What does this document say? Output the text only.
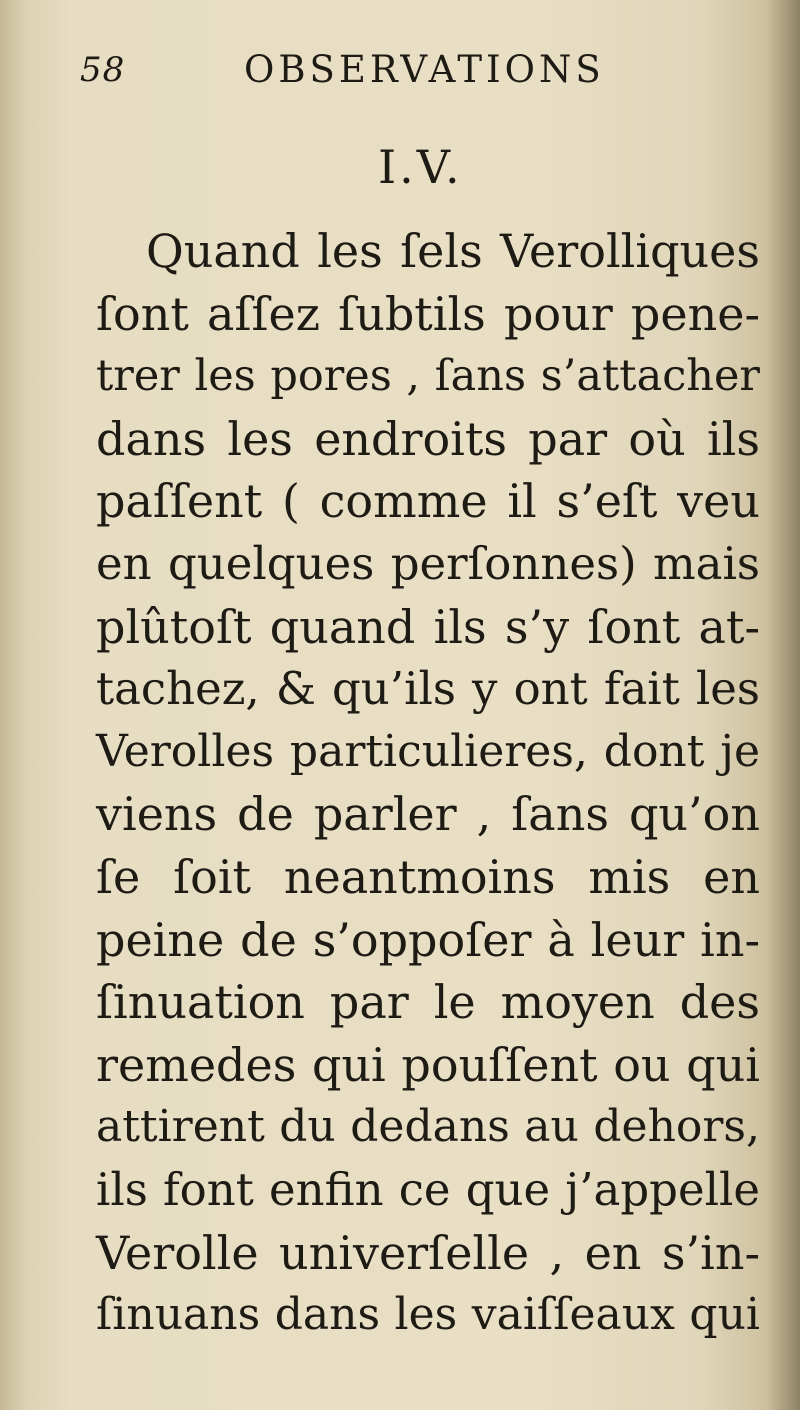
58	OBSERVATIONS
I.V.
Quand les ſels Verolliques
ſont aſſez ſubtils pour pene-
trer les pores , ſans s’attacher
dans les endroits par où ils
paſſent ( comme il s’eſt veu
en quelques perſonnes) mais
plûtoſt quand ils s’y ſont at-
tachez, & qu’ils y ont fait les
Verolles particulieres, dont je
viens de parler , ſans qu’on
ſe ſoit neantmoins mis en
peine de s’oppoſer à leur in-
ſinuation par le moyen des
remedes qui pouſſent ou qui
attirent du dedans au dehors,
ils font enfin ce que j’appelle
Verolle univerſelle , en s’in-
ſinuans dans les vaiſſeaux qui
